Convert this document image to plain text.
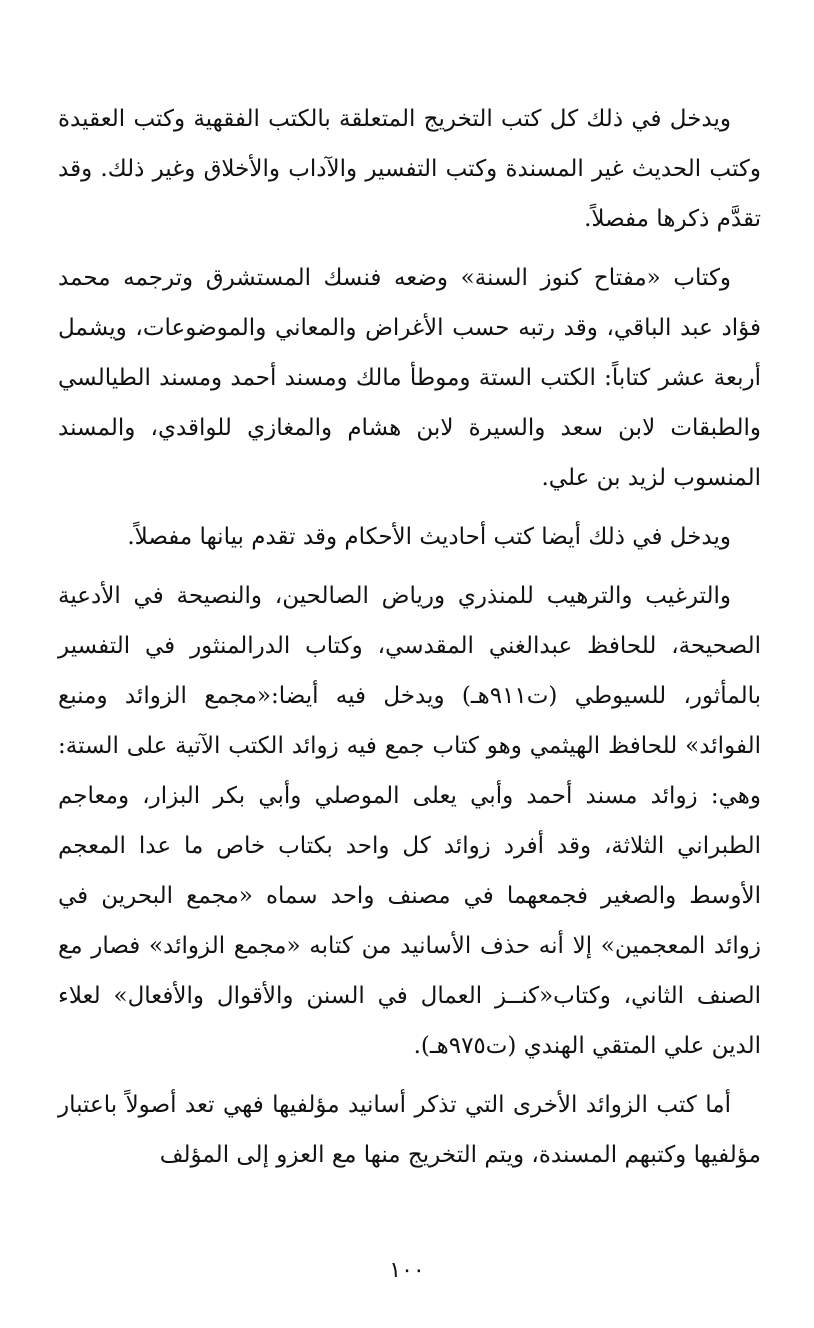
ويدخل في ذلك كل كتب التخريج المتعلقة بالكتب الفقهية وكتب العقيدة وكتب الحديث غير المسندة وكتب التفسير والآداب والأخلاق وغير ذلك. وقد تقدَّم ذكرها مفصلاً.

وكتاب «مفتاح كنوز السنة» وضعه فنسك المستشرق وترجمه محمد فؤاد عبد الباقي، وقد رتبه حسب الأغراض والمعاني والموضوعات، ويشمل أربعة عشر كتاباً: الكتب الستة وموطأ مالك ومسند أحمد ومسند الطيالسي والطبقات لابن سعد والسيرة لابن هشام والمغازي للواقدي، والمسند المنسوب لزيد بن علي.

ويدخل في ذلك أيضا كتب أحاديث الأحكام وقد تقدم بيانها مفصلاً.

والترغيب والترهيب للمنذري ورياض الصالحين، والنصيحة في الأدعية الصحيحة، للحافظ عبدالغني المقدسي، وكتاب الدرالمنثور في التفسير بالمأثور، للسيوطي (ت٩١١هـ) ويدخل فيه أيضا:«مجمع الزوائد ومنبع الفوائد» للحافظ الهيثمي وهو كتاب جمع فيه زوائد الكتب الآتية على الستة: وهي: زوائد مسند أحمد وأبي يعلى الموصلي وأبي بكر البزار، ومعاجم الطبراني الثلاثة، وقد أفرد زوائد كل واحد بكتاب خاص ما عدا المعجم الأوسط والصغير فجمعهما في مصنف واحد سماه «مجمع البحرين في زوائد المعجمين» إلا أنه حذف الأسانيد من كتابه «مجمع الزوائد» فصار مع الصنف الثاني، وكتاب«كنــز العمال في السنن والأقوال والأفعال» لعلاء الدين علي المتقي الهندي (ت٩٧٥هـ).

أما كتب الزوائد الأخرى التي تذكر أسانيد مؤلفيها فهي تعد أصولاً باعتبار مؤلفيها وكتبهم المسندة، ويتم التخريج منها مع العزو إلى المؤلف

١٠٠
